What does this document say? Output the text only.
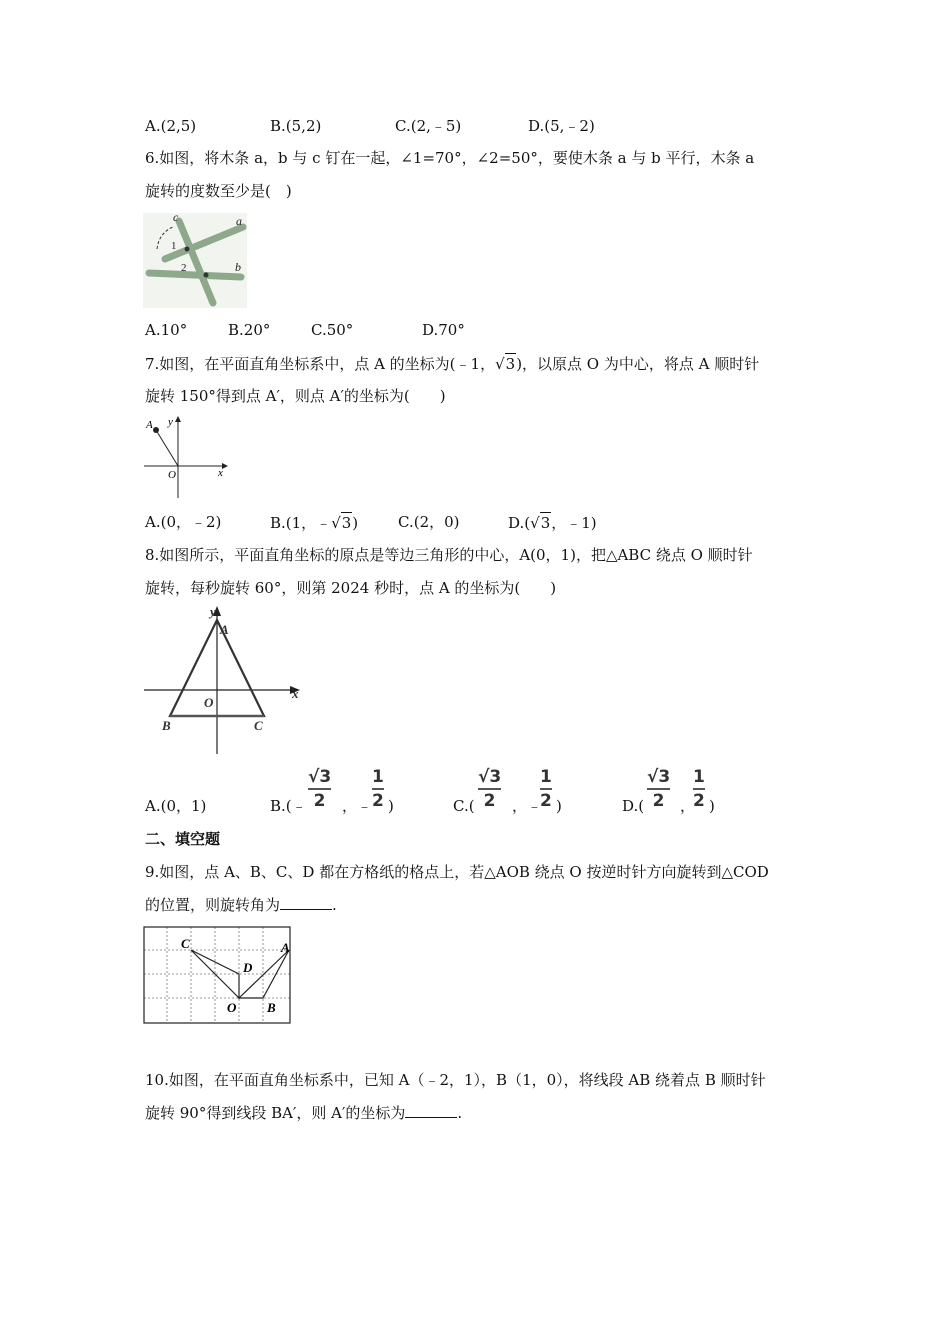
A.(2,5)	B.(5,2)	C.(2,﹣5)	D.(5,﹣2)
6.如图，将木条 a，b 与 c 钉在一起，∠1=70°，∠2=50°，要使木条 a 与 b 平行，木条 a
旋转的度数至少是(　)
c	a
b
1
2
A.10°	B.20°	C.50°	D.70°
7.如图，在平面直角坐标系中，点 A 的坐标为(﹣1，√3)，以原点 O 为中心，将点 A 顺时针
旋转 150°得到点 A′，则点 A′的坐标为(　　)
A y
O	x
A.(0，﹣2)	B.(1，﹣√3)	C.(2，0)	D.(√3，﹣1)
8.如图所示，平面直角坐标的原点是等边三角形的中心，A(0，1)，把△ABC 绕点 O 顺时针
旋转，每秒旋转 60°，则第 2024 秒时，点 A 的坐标为(　　)
y
A
x
O
B	C
A.(0，1)	B.(﹣
√3
2 ，﹣
1
2 )	C.(
√3
2 ，﹣
1
2 )	D.(
√3
2 ，
1
2 )
二、填空题
9.如图，点 A、B、C、D 都在方格纸的格点上，若△AOB 绕点 O 按逆时针方向旋转到△COD
的位置，则旋转角为	.
C
D
A
O B
10.如图，在平面直角坐标系中，已知 A（﹣2，1），B（1，0），将线段 AB 绕着点 B 顺时针
旋转 90°得到线段 BA′，则 A′的坐标为	.
